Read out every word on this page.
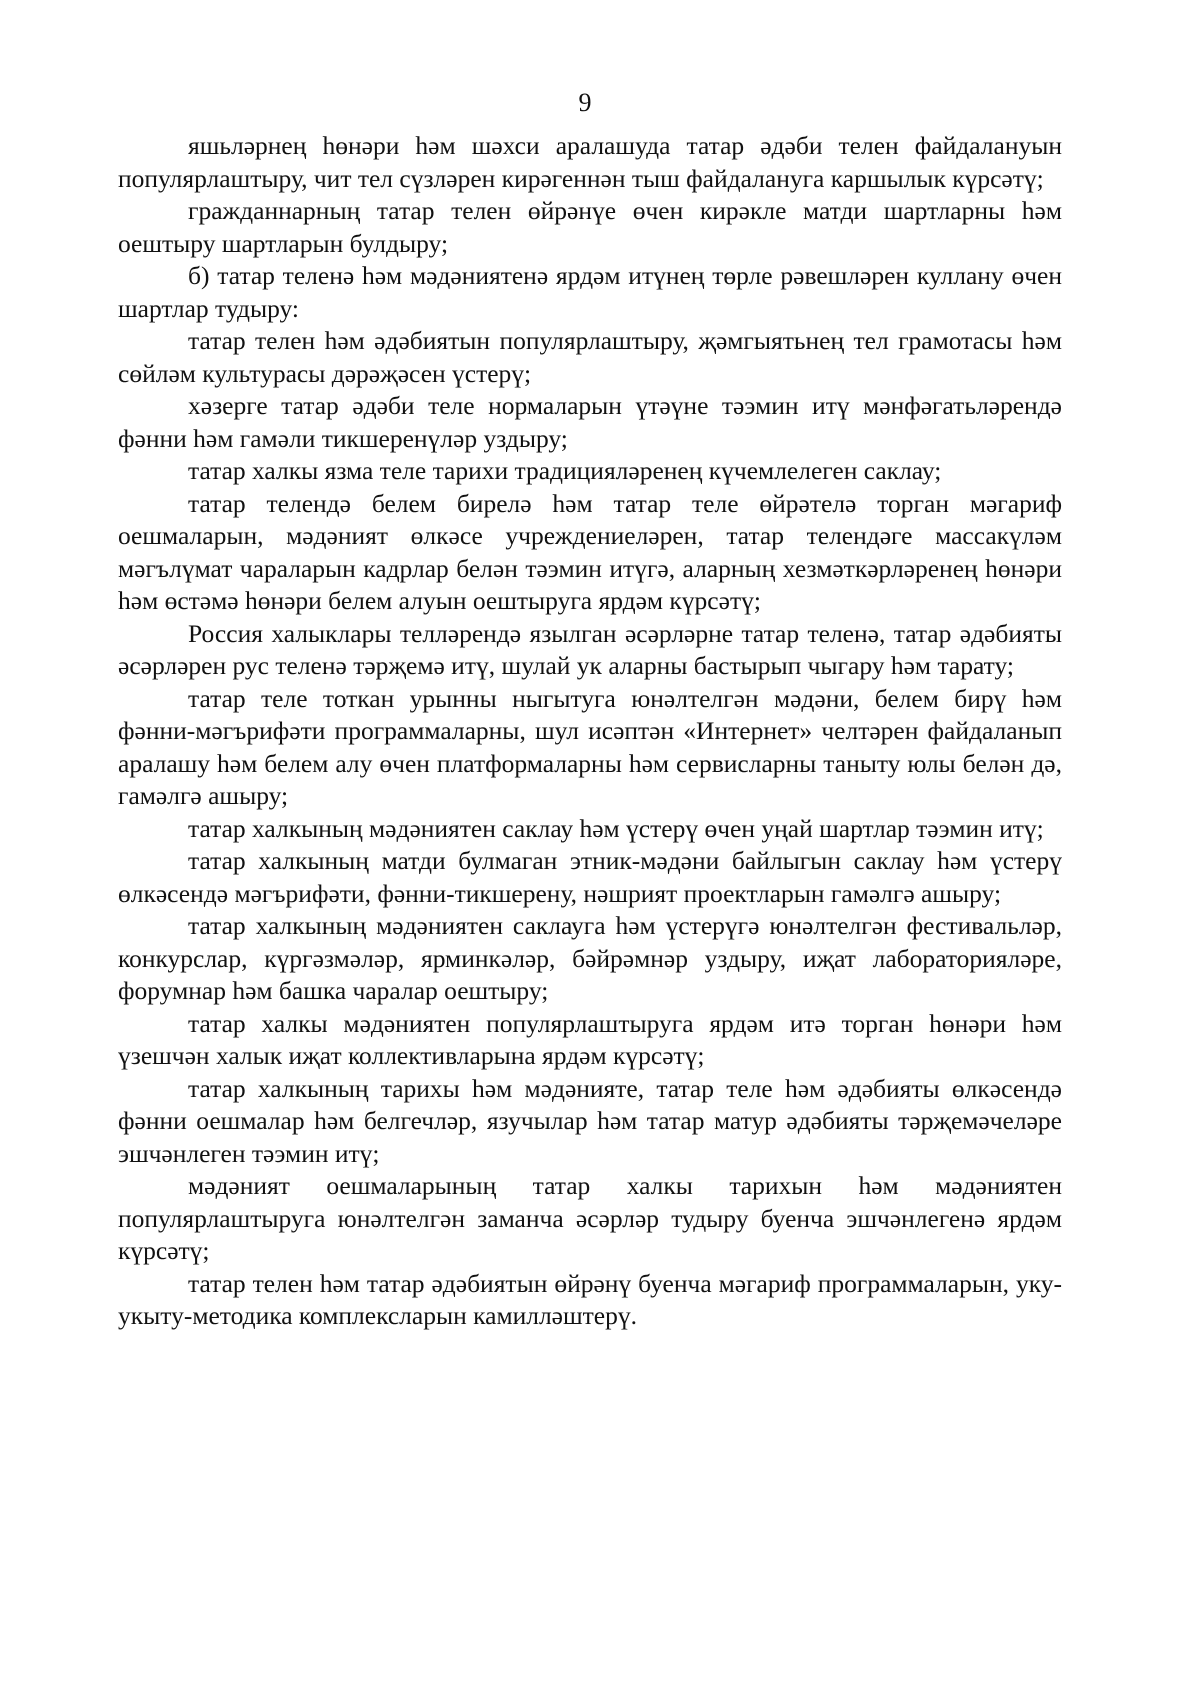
9

яшьләрнең һөнәри һәм шәхси аралашуда татар әдәби телен файдалануын популярлаштыру, чит тел сүзләрен кирәгеннән тыш файдалануга каршылык күрсәтү;

гражданнарның татар телен өйрәнүе өчен кирәкле матди шартларны һәм оештыру шартларын булдыру;

б) татар теленә һәм мәдәниятенә ярдәм итүнең төрле рәвешләрен куллану өчен шартлар тудыру:

татар телен һәм әдәбиятын популярлаштыру, җәмгыятьнең тел грамотасы һәм сөйләм культурасы дәрәҗәсен үстерү;

хәзерге татар әдәби теле нормаларын үтәүне тәэмин итү мәнфәгатьләрендә фәнни һәм гамәли тикшеренүләр уздыру;

татар халкы язма теле тарихи традицияләренең күчемлелеген саклау;

татар телендә белем бирелә һәм татар теле өйрәтелә торган мәгариф оешмаларын, мәдәният өлкәсе учреждениеләрен, татар телендәге массакүләм мәгълүмат чараларын кадрлар белән тәэмин итүгә, аларның хезмәткәрләренең һөнәри һәм өстәмә һөнәри белем алуын оештыруга ярдәм күрсәтү;

Россия халыклары телләрендә язылган әсәрләрне татар теленә, татар әдәбияты әсәрләрен рус теленә тәрҗемә итү, шулай ук аларны бастырып чыгару һәм тарату;

татар теле тоткан урынны ныгытуга юнәлтелгән мәдәни, белем бирү һәм фәнни-мәгърифәти программаларны, шул исәптән «Интернет» челтәрен файдаланып аралашу һәм белем алу өчен платформаларны һәм сервисларны таныту юлы белән дә, гамәлгә ашыру;

татар халкының мәдәниятен саклау һәм үстерү өчен уңай шартлар тәэмин итү;

татар халкының матди булмаган этник-мәдәни байлыгын саклау һәм үстерү өлкәсендә мәгърифәти, фәнни-тикшерену, нәшрият проектларын гамәлгә ашыру;

татар халкының мәдәниятен саклауга һәм үстерүгә юнәлтелгән фестивальләр, конкурслар, күргәзмәләр, ярминкәләр, бәйрәмнәр уздыру, иҗат лабораторияләре, форумнар һәм башка чаралар оештыру;

татар халкы мәдәниятен популярлаштыруга ярдәм итә торган һөнәри һәм үзешчән халык иҗат коллективларына ярдәм күрсәтү;

татар халкының тарихы һәм мәдәнияте, татар теле һәм әдәбияты өлкәсендә фәнни оешмалар һәм белгечләр, язучылар һәм татар матур әдәбияты тәрҗемәчеләре эшчәнлеген тәэмин итү;

мәдәният оешмаларының татар халкы тарихын һәм мәдәниятен популярлаштыруга юнәлтелгән заманча әсәрләр тудыру буенча эшчәнлегенә ярдәм күрсәтү;

татар телен һәм татар әдәбиятын өйрәнү буенча мәгариф программаларын, уку-укыту-методика комплексларын камилләштерү.
